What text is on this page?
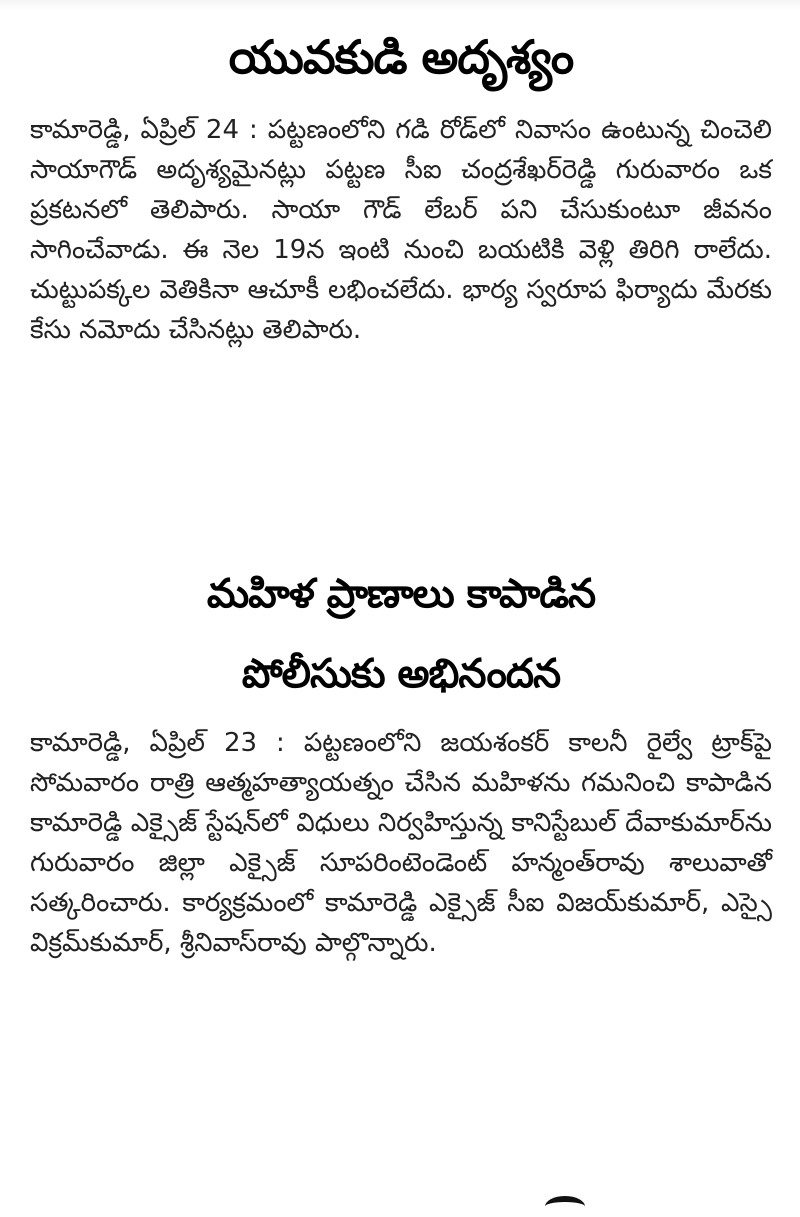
యువకుడి అదృశ్యం

కామారెడ్డి, ఏప్రిల్ 24 : పట్టణంలోని గడి రోడ్‌లో నివాసం ఉంటున్న చించెలి సాయాగౌడ్ అదృశ్యమైనట్లు పట్టణ సీఐ చంద్రశేఖర్‌రెడ్డి గురువారం ఒక ప్రకటనలో తెలిపారు. సాయా గౌడ్ లేబర్ పని చేసుకుంటూ జీవనం సాగించేవాడు. ఈ నెల 19న ఇంటి నుంచి బయటికి వెళ్లి తిరిగి రాలేదు. చుట్టుపక్కల వెతికినా ఆచూకీ లభించలేదు. భార్య స్వరూప ఫిర్యాదు మేరకు కేసు నమోదు చేసినట్లు తెలిపారు.

మహిళ ప్రాణాలు కాపాడిన
పోలీసుకు అభినందన

కామారెడ్డి, ఏప్రిల్ 23 : పట్టణంలోని జయశంకర్ కాలనీ రైల్వే ట్రాక్‌పై సోమవారం రాత్రి ఆత్మహత్యాయత్నం చేసిన మహిళను గమనించి కాపాడిన కామారెడ్డి ఎక్సైజ్ స్టేషన్‌లో విధులు నిర్వహిస్తున్న కానిస్టేబుల్ దేవాకుమార్‌ను గురువారం జిల్లా ఎక్సైజ్ సూపరింటెండెంట్ హన్మంత్‌రావు శాలువాతో సత్కరించారు. కార్యక్రమంలో కామారెడ్డి ఎక్సైజ్ సీఐ విజయ్‌కుమార్, ఎస్సై విక్రమ్‌కుమార్, శ్రీనివాస్‌రావు పాల్గొన్నారు.
